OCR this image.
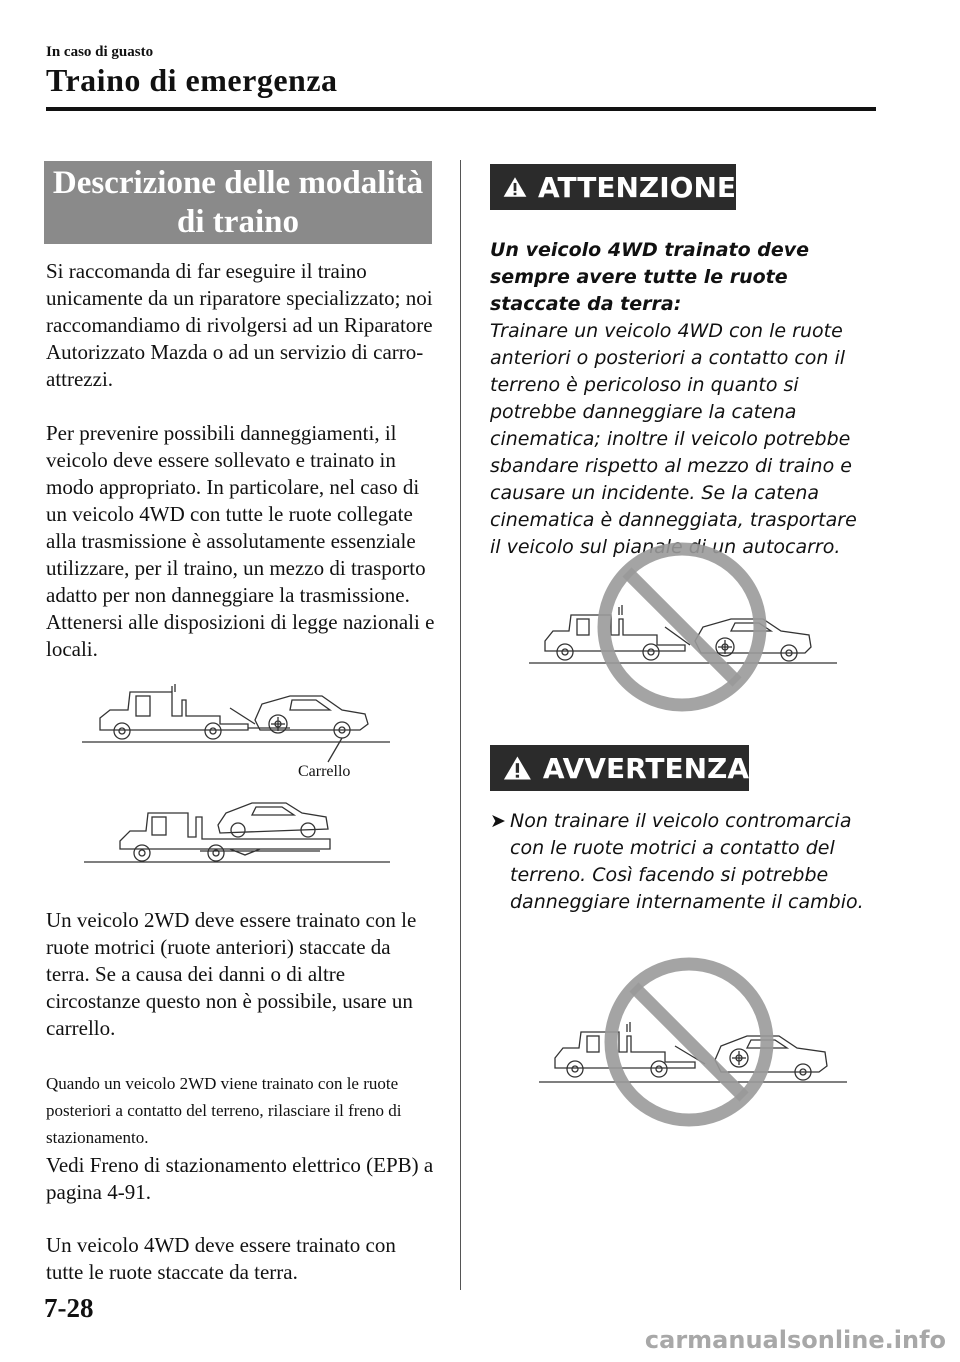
In caso di guasto
Traino di emergenza
Descrizione delle modalità
di traino
Si raccomanda di far eseguire il traino unicamente da un riparatore specializzato; noi raccomandiamo di rivolgersi ad un Riparatore Autorizzato Mazda o ad un servizio di carro-attrezzi.
Per prevenire possibili danneggiamenti, il veicolo deve essere sollevato e trainato in modo appropriato. In particolare, nel caso di un veicolo 4WD con tutte le ruote collegate alla trasmissione è assolutamente essenziale utilizzare, per il traino, un mezzo di trasporto adatto per non danneggiare la trasmissione. Attenersi alle disposizioni di legge nazionali e locali.
Carrello
Un veicolo 2WD deve essere trainato con le ruote motrici (ruote anteriori) staccate da terra. Se a causa dei danni o di altre circostanze questo non è possibile, usare un carrello.
Quando un veicolo 2WD viene trainato con le ruote posteriori a contatto del terreno, rilasciare il freno di stazionamento.
Vedi Freno di stazionamento elettrico (EPB) a pagina 4-91.
Un veicolo 4WD deve essere trainato con tutte le ruote staccate da terra.
ATTENZIONE
Un veicolo 4WD trainato deve sempre avere tutte le ruote staccate da terra:
Trainare un veicolo 4WD con le ruote anteriori o posteriori a contatto con il terreno è pericoloso in quanto si potrebbe danneggiare la catena cinematica; inoltre il veicolo potrebbe sbandare rispetto al mezzo di traino e causare un incidente. Se la catena cinematica è danneggiata, trasportare il veicolo sul pianale di un autocarro.
AVVERTENZA
➤ Non trainare il veicolo contromarcia con le ruote motrici a contatto del terreno. Così facendo si potrebbe danneggiare internamente il cambio.
7-28
carmanualsonline.info
